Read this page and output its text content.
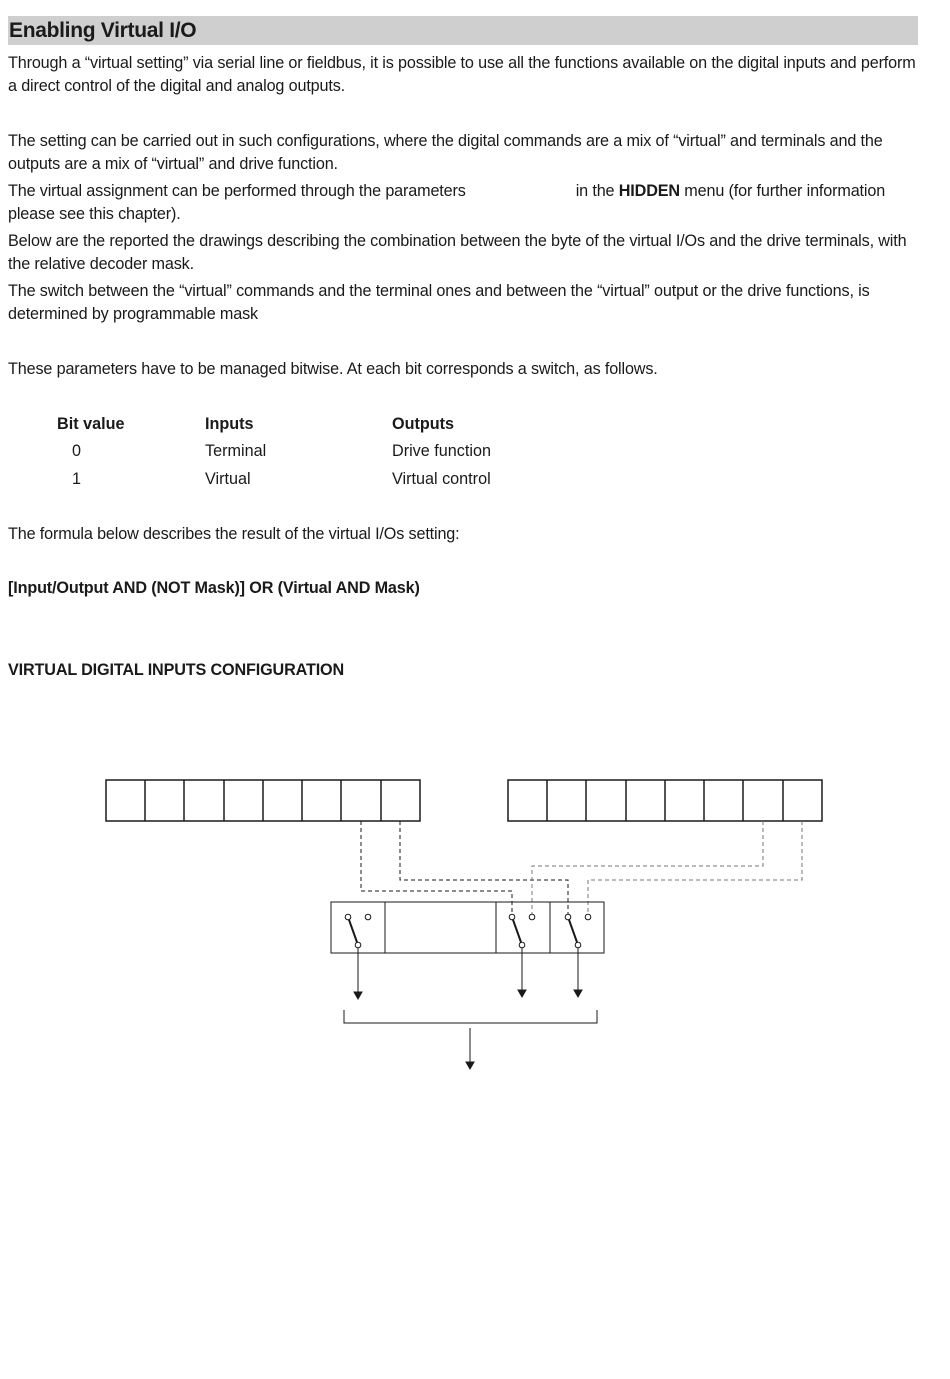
Enabling Virtual I/O

Through a “virtual setting” via serial line or fieldbus, it is possible to use all the functions available on the digital inputs and perform a direct control of the digital and analog outputs.

The setting can be carried out in such configurations, where the digital commands are a mix of “virtual” and terminals and the outputs are a mix of “virtual” and drive function.

The virtual assignment can be performed through the parameters	in the HIDDEN menu (for further information please see this chapter).

Below are the reported the drawings describing the combination between the byte of the virtual I/Os and the drive terminals, with the relative decoder mask.

The switch between the “virtual” commands and the terminal ones and between the “virtual” output or the drive functions, is determined by programmable mask

These parameters have to be managed bitwise. At each bit corresponds a switch, as follows.

Bit value	Inputs	Outputs
0	Terminal	Drive function
1	Virtual	Virtual control

The formula below describes the result of the virtual I/Os setting:

[Input/Output AND (NOT Mask)] OR (Virtual AND Mask)
VIRTUAL DIGITAL INPUTS CONFIGURATION
